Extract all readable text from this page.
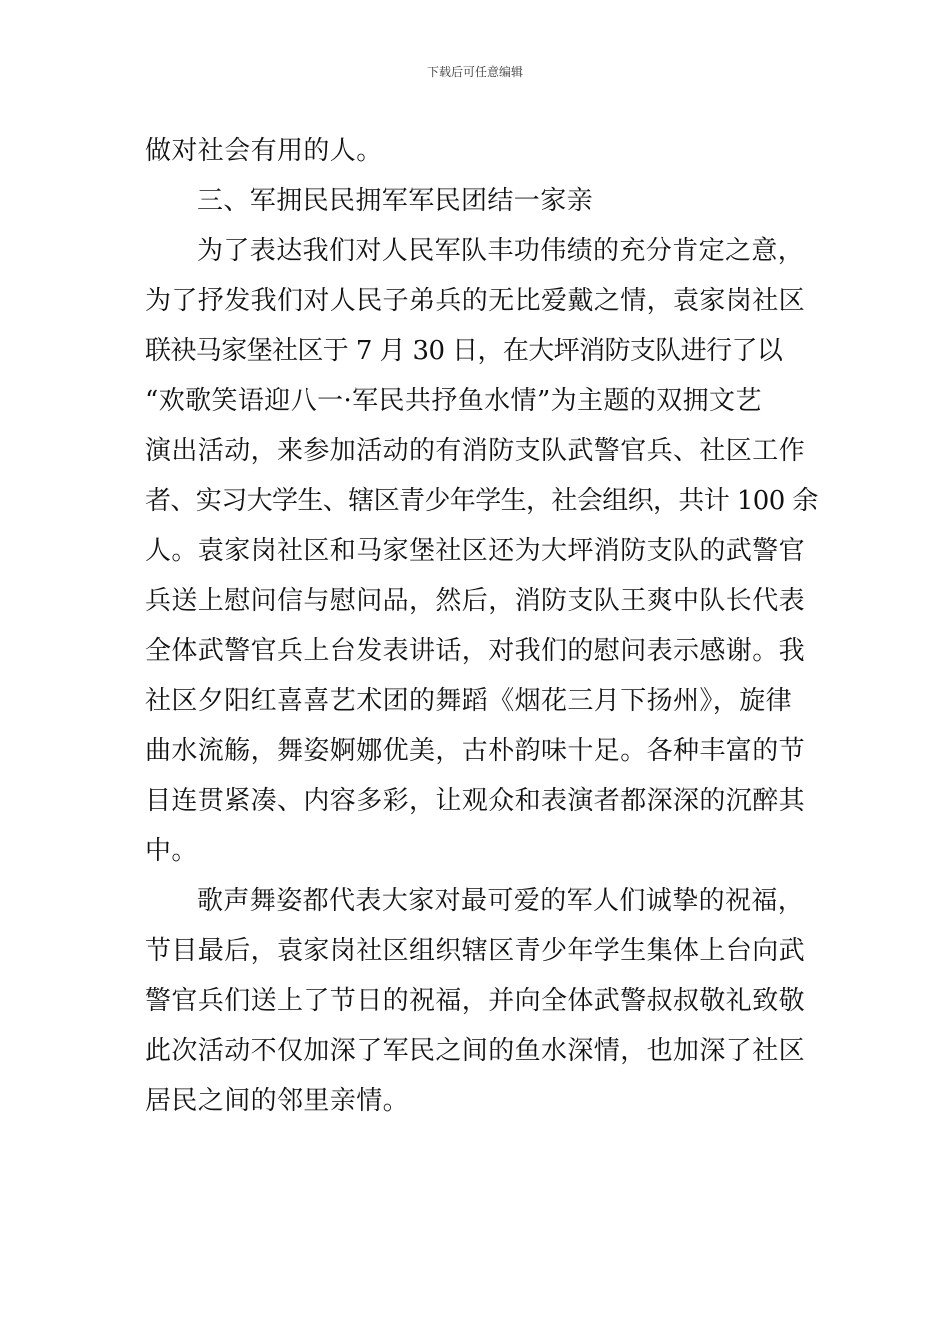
下载后可任意编辑
做对社会有用的人。
三、军拥民民拥军军民团结一家亲
为了表达我们对人民军队丰功伟绩的充分肯定之意，
为了抒发我们对人民子弟兵的无比爱戴之情，袁家岗社区
联袂马家堡社区于 7 月 30 日，在大坪消防支队进行了以
“欢歌笑语迎八一·军民共抒鱼水情”为主题的双拥文艺
演出活动，来参加活动的有消防支队武警官兵、社区工作
者、实习大学生、辖区青少年学生，社会组织，共计 100 余
人。袁家岗社区和马家堡社区还为大坪消防支队的武警官
兵送上慰问信与慰问品，然后，消防支队王爽中队长代表
全体武警官兵上台发表讲话，对我们的慰问表示感谢。我
社区夕阳红喜喜艺术团的舞蹈《烟花三月下扬州》，旋律
曲水流觞，舞姿婀娜优美，古朴韵味十足。各种丰富的节
目连贯紧凑、内容多彩，让观众和表演者都深深的沉醉其
中。
歌声舞姿都代表大家对最可爱的军人们诚挚的祝福，
节目最后，袁家岗社区组织辖区青少年学生集体上台向武
警官兵们送上了节日的祝福，并向全体武警叔叔敬礼致敬
此次活动不仅加深了军民之间的鱼水深情，也加深了社区
居民之间的邻里亲情。
